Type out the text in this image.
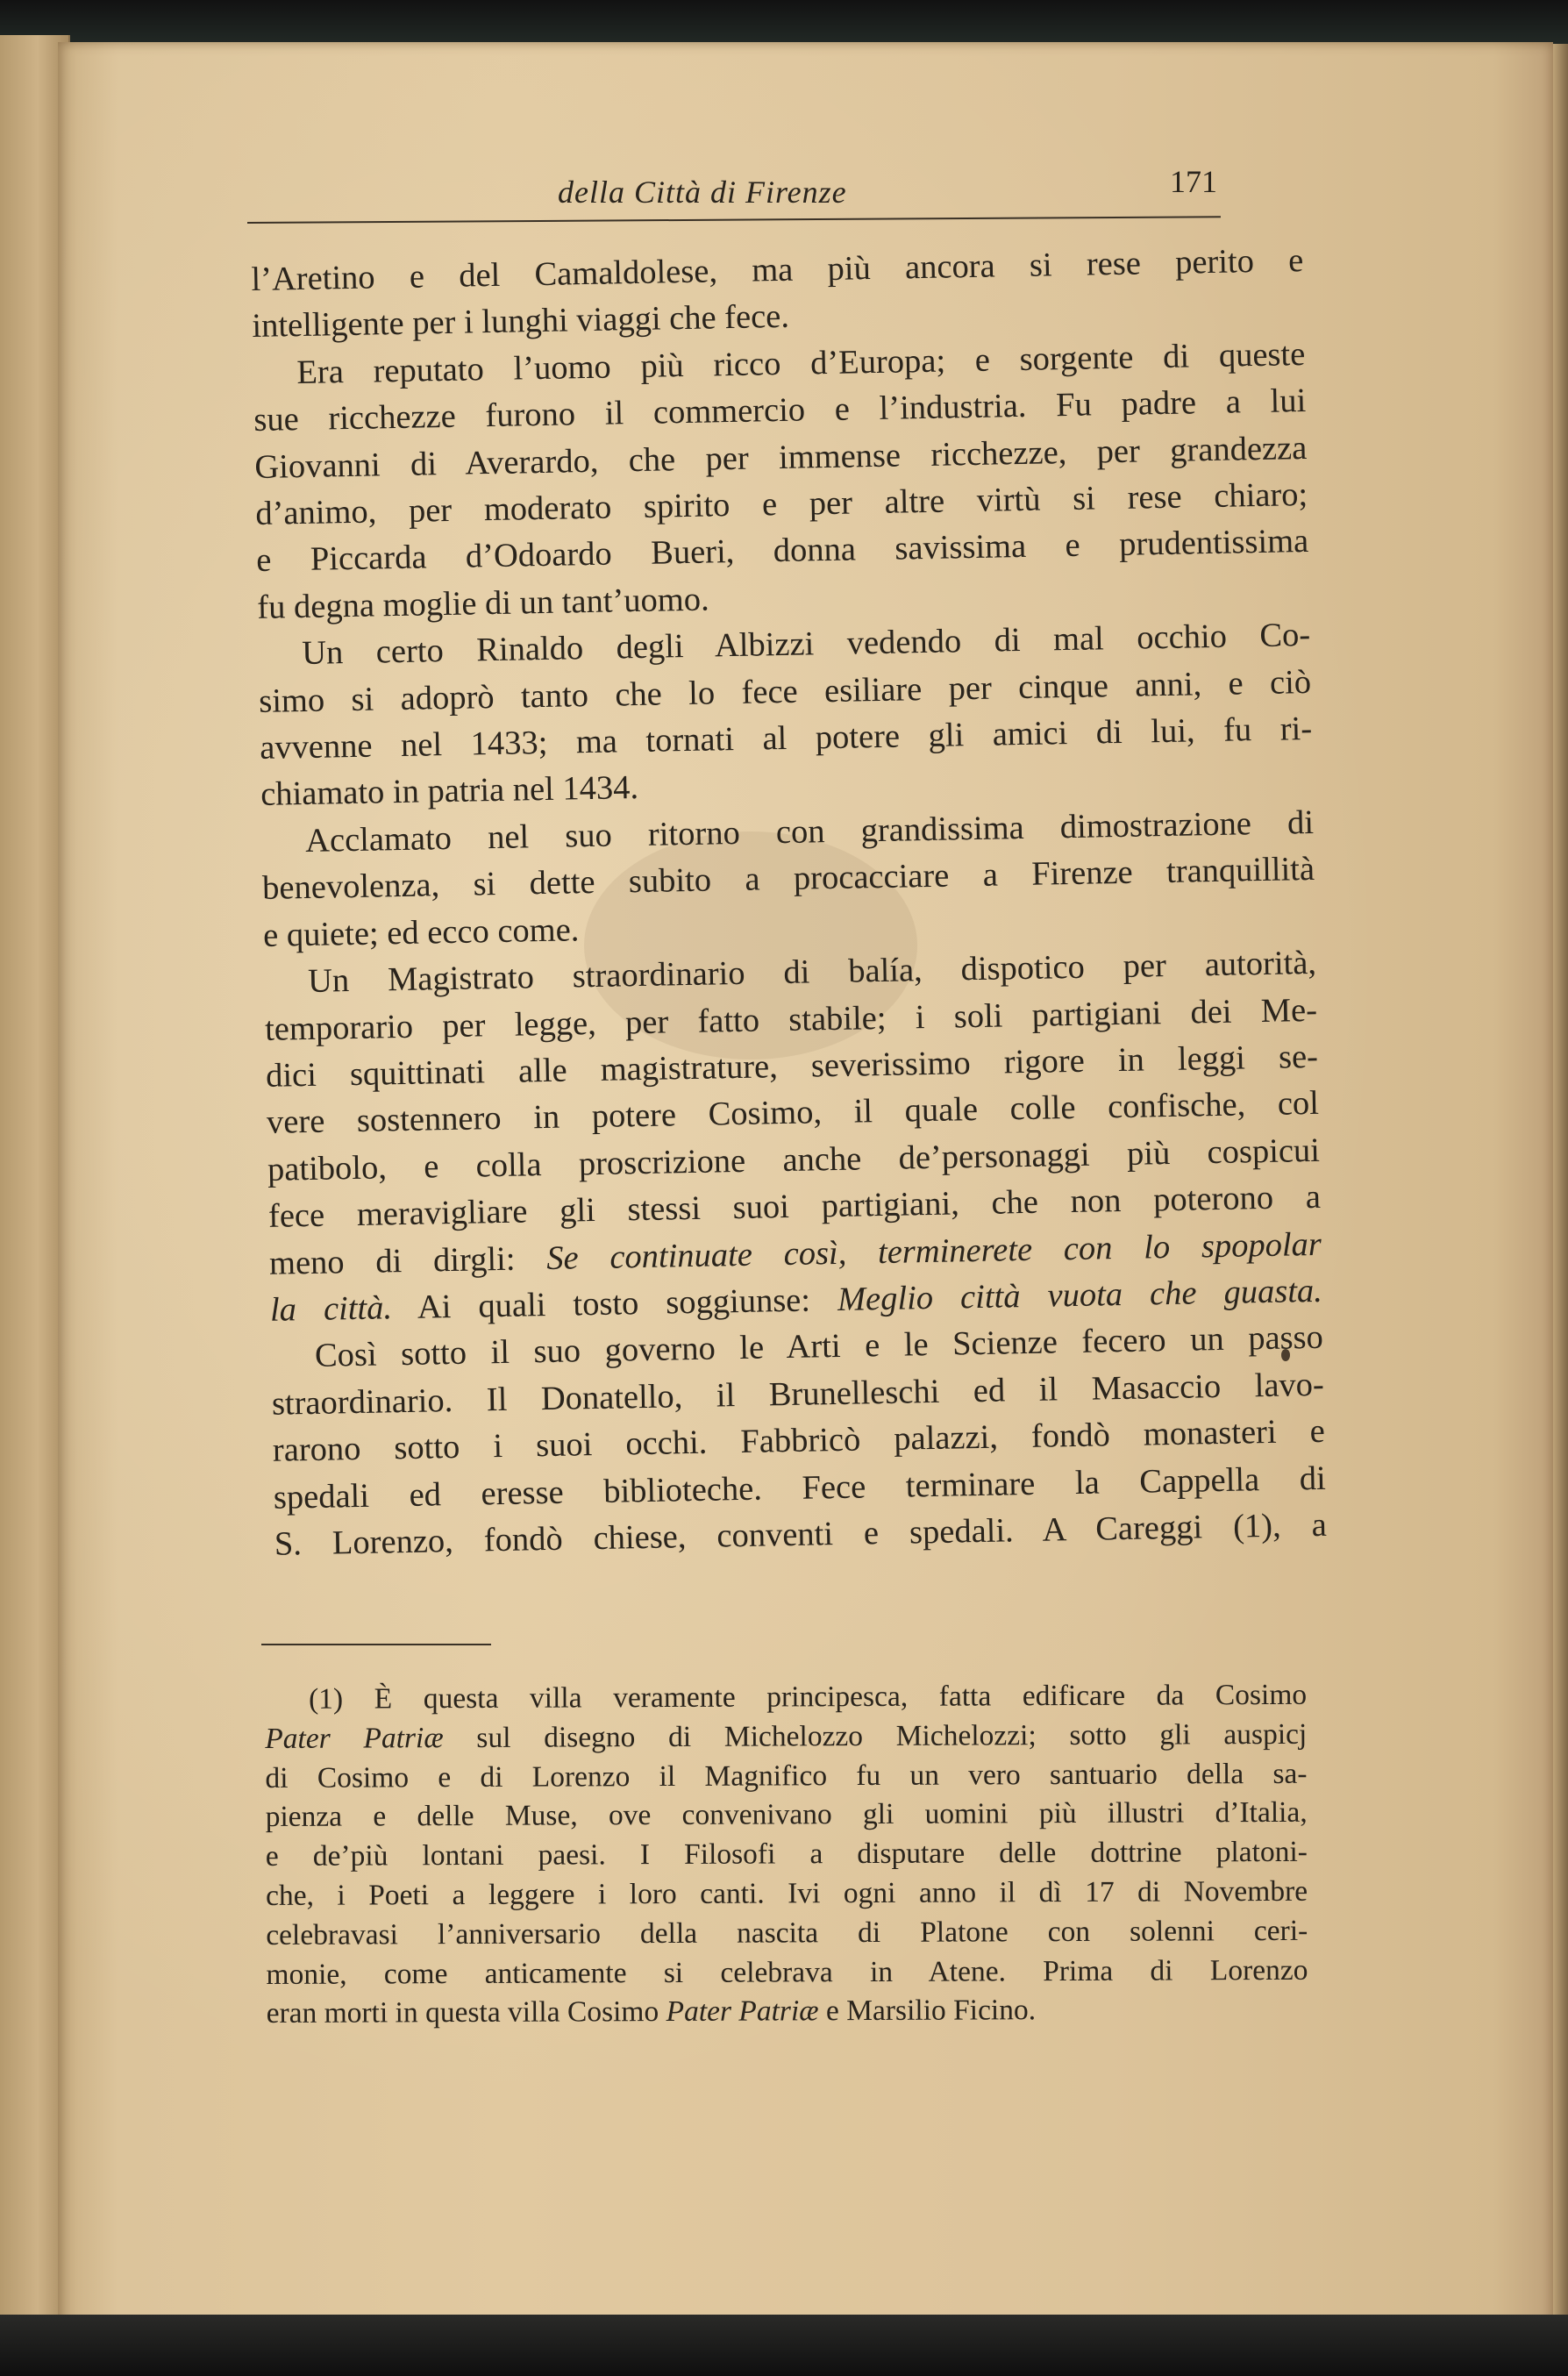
della Città di Firenze	171
l’Aretino e del Camaldolese, ma più ancora si rese perito e
intelligente per i lunghi viaggi che fece.
Era reputato l’uomo più ricco d’Europa; e sorgente di queste
sue ricchezze furono il commercio e l’industria. Fu padre a lui
Giovanni di Averardo, che per immense ricchezze, per grandezza
d’animo, per moderato spirito e per altre virtù si rese chiaro;
e Piccarda d’Odoardo Bueri, donna savissima e prudentissima
fu degna moglie di un tant’uomo.
Un certo Rinaldo degli Albizzi vedendo di mal occhio Co-
simo si adoprò tanto che lo fece esiliare per cinque anni, e ciò
avvenne nel 1433; ma tornati al potere gli amici di lui, fu ri-
chiamato in patria nel 1434.
Acclamato nel suo ritorno con grandissima dimostrazione di
benevolenza, si dette subito a procacciare a Firenze tranquillità
e quiete; ed ecco come.
Un Magistrato straordinario di balía, dispotico per autorità,
temporario per legge, per fatto stabile; i soli partigiani dei Me-
dici squittinati alle magistrature, severissimo rigore in leggi se-
vere sostennero in potere Cosimo, il quale colle confische, col
patibolo, e colla proscrizione anche de’personaggi più cospicui
fece meravigliare gli stessi suoi partigiani, che non poterono a
meno di dirgli: Se continuate così, terminerete con lo spopolar
la città. Ai quali tosto soggiunse: Meglio città vuota che guasta.
Così sotto il suo governo le Arti e le Scienze fecero un passo
straordinario. Il Donatello, il Brunelleschi ed il Masaccio lavo-
rarono sotto i suoi occhi. Fabbricò palazzi, fondò monasteri e
spedali ed eresse biblioteche. Fece terminare la Cappella di
S. Lorenzo, fondò chiese, conventi e spedali. A Careggi (1), a
(1) È questa villa veramente principesca, fatta edificare da Cosimo
Pater Patriæ sul disegno di Michelozzo Michelozzi; sotto gli auspicj
di Cosimo e di Lorenzo il Magnifico fu un vero santuario della sa-
pienza e delle Muse, ove convenivano gli uomini più illustri d’Italia,
e de’più lontani paesi. I Filosofi a disputare delle dottrine platoni-
che, i Poeti a leggere i loro canti. Ivi ogni anno il dì 17 di Novembre
celebravasi l’anniversario della nascita di Platone con solenni ceri-
monie, come anticamente si celebrava in Atene. Prima di Lorenzo
eran morti in questa villa Cosimo Pater Patriæ e Marsilio Ficino.
